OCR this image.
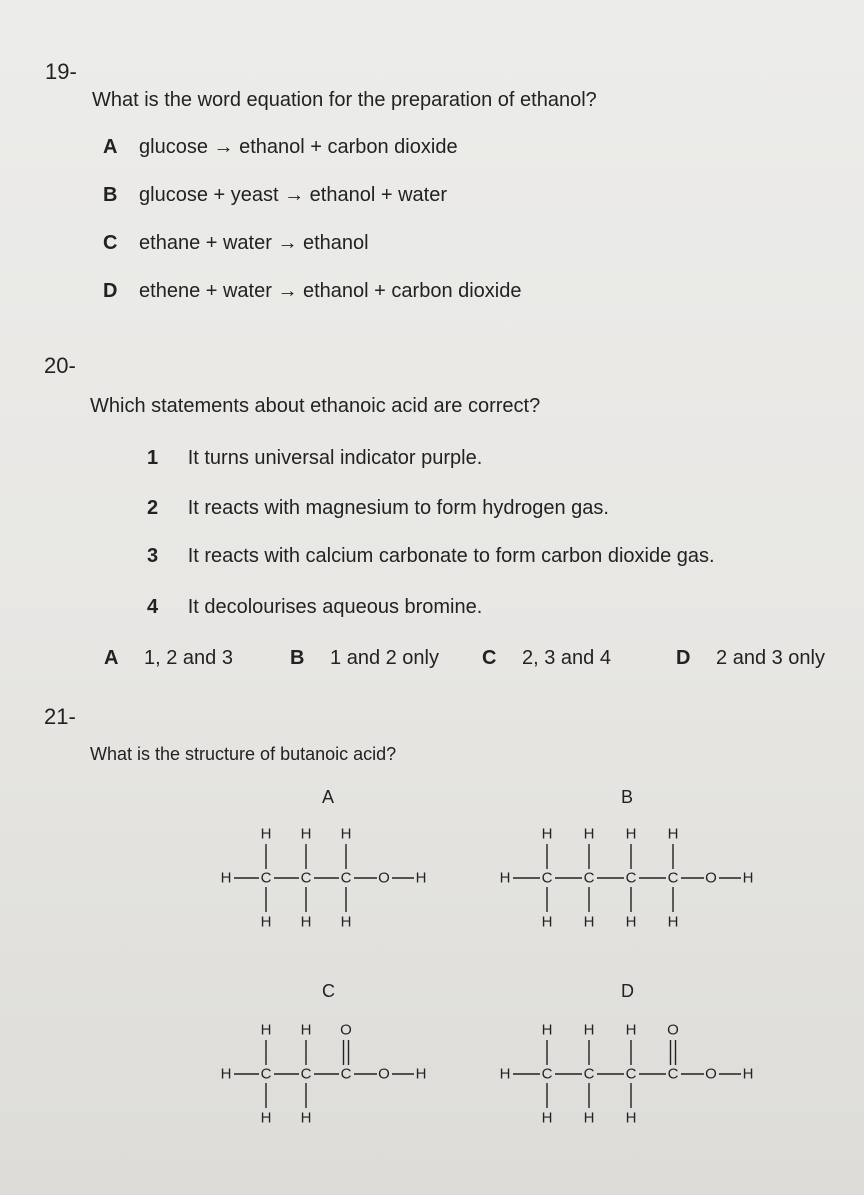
19-
What is the word equation for the preparation of ethanol?
A glucose → ethanol + carbon dioxide
B glucose + yeast → ethanol + water
C ethane + water → ethanol
D ethene + water → ethanol + carbon dioxide
20-
Which statements about ethanoic acid are correct?
1 It turns universal indicator purple.
2 It reacts with magnesium to form hydrogen gas.
3 It reacts with calcium carbonate to form carbon dioxide gas.
4 It decolourises aqueous bromine.
A 1, 2 and 3	B 1 and 2 only C 2, 3 and 4	D 2 and 3 only
21-
What is the structure of butanoic acid?
A	B
C	D
H C
H
H
C
H
H
C
H
H
O H	H C
H
H
C
H
H
C
H
H
C
H
H
O H
H C
H
H
C
H
H
C
O
O H	H C
H
H
C
H
H
C
H
H
C
O
O H
